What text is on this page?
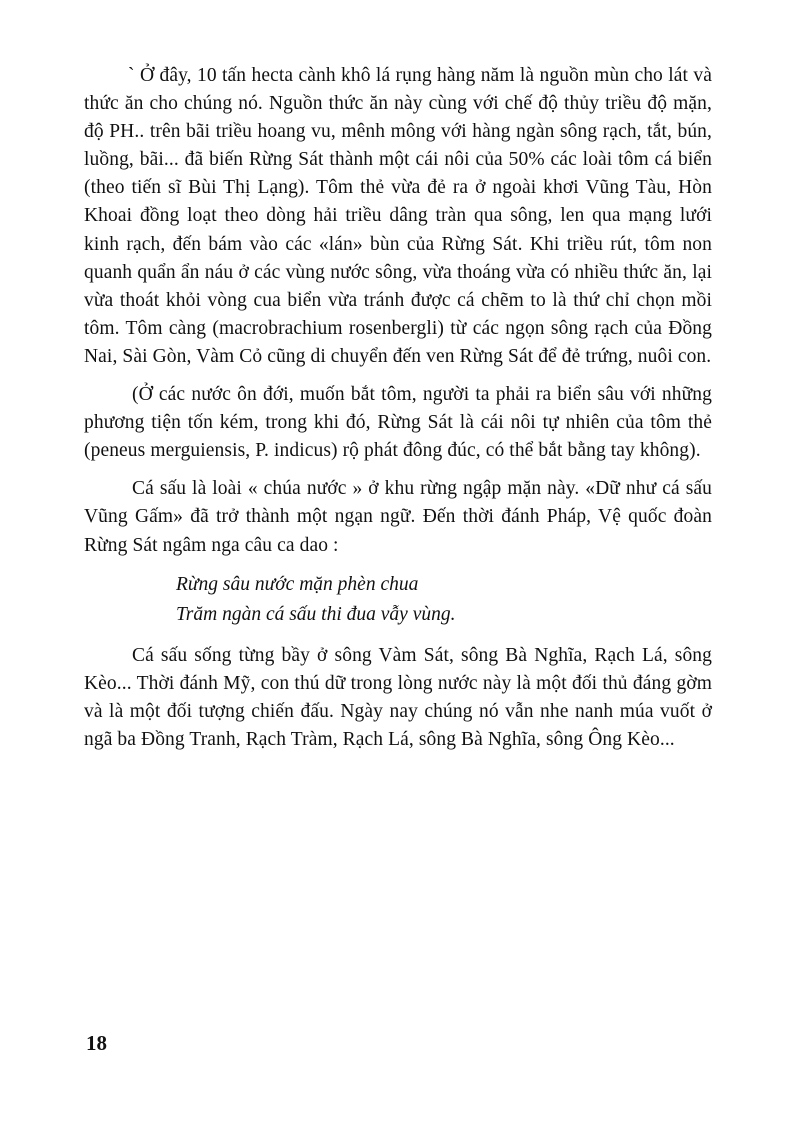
` Ở đây, 10 tấn hecta cành khô lá rụng hàng năm là nguồn mùn cho lát và thức ăn cho chúng nó. Nguồn thức ăn này cùng với chế độ thủy triều độ mặn, độ PH.. trên bãi triều hoang vu, mênh mông với hàng ngàn sông rạch, tắt, bún, luồng, bãi... đã biến Rừng Sát thành một cái nôi của 50% các loài tôm cá biển (theo tiến sĩ Bùi Thị Lạng). Tôm thẻ vừa đẻ ra ở ngoài khơi Vũng Tàu, Hòn Khoai đồng loạt theo dòng hải triều dâng tràn qua sông, len qua mạng lưới kinh rạch, đến bám vào các «lán» bùn của Rừng Sát. Khi triều rút, tôm non quanh quẩn ẩn náu ở các vùng nước sông, vừa thoáng vừa có nhiều thức ăn, lại vừa thoát khỏi vòng cua biển vừa tránh được cá chẽm to là thứ chỉ chọn mồi tôm. Tôm càng (macrobrachium rosenbergli) từ các ngọn sông rạch của Đồng Nai, Sài Gòn, Vàm Cỏ cũng di chuyển đến ven Rừng Sát để đẻ trứng, nuôi con.

(Ở các nước ôn đới, muốn bắt tôm, người ta phải ra biển sâu với những phương tiện tốn kém, trong khi đó, Rừng Sát là cái nôi tự nhiên của tôm thẻ (peneus merguiensis, P. indicus) rộ phát đông đúc, có thể bắt bằng tay không).

Cá sấu là loài « chúa nước » ở khu rừng ngập mặn này. «Dữ như cá sấu Vũng Gấm» đã trở thành một ngạn ngữ. Đến thời đánh Pháp, Vệ quốc đoàn Rừng Sát ngâm nga câu ca dao :

Rừng sâu nước mặn phèn chua
Trăm ngàn cá sấu thi đua vẫy vùng.

Cá sấu sống từng bầy ở sông Vàm Sát, sông Bà Nghĩa, Rạch Lá, sông Kèo... Thời đánh Mỹ, con thú dữ trong lòng nước này là một đối thủ đáng gờm và là một đối tượng chiến đấu. Ngày nay chúng nó vẫn nhe nanh múa vuốt ở ngã ba Đồng Tranh, Rạch Tràm, Rạch Lá, sông Bà Nghĩa, sông Ông Kèo...

18
